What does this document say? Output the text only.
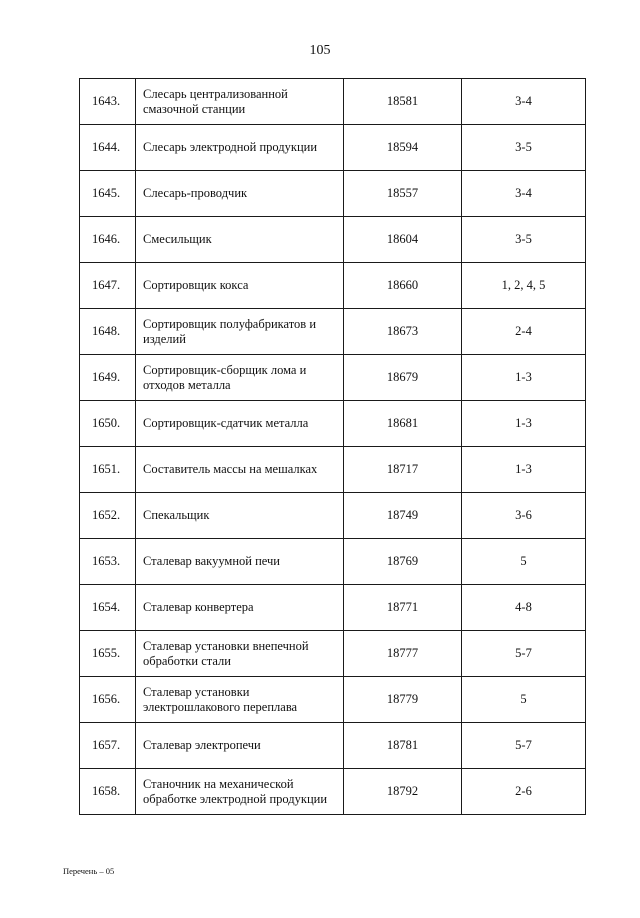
105
1643.	Слесарь централизованной смазочной станции	18581	3-4
1644.	Слесарь электродной продукции	18594	3-5
1645.	Слесарь-проводчик	18557	3-4
1646.	Смесильщик	18604	3-5
1647.	Сортировщик кокса	18660	1, 2, 4, 5
1648.	Сортировщик полуфабрикатов и изделий	18673	2-4
1649.	Сортировщик-сборщик лома и отходов металла	18679	1-3
1650.	Сортировщик-сдатчик металла	18681	1-3
1651.	Составитель массы на мешалках	18717	1-3
1652.	Спекальщик	18749	3-6
1653.	Сталевар вакуумной печи	18769	5
1654.	Сталевар конвертера	18771	4-8
1655.	Сталевар установки внепечной обработки стали	18777	5-7
1656.	Сталевар установки электрошлакового переплава	18779	5
1657.	Сталевар электропечи	18781	5-7
1658.	Станочник на механической обработке электродной продукции	18792	2-6
Перечень – 05
